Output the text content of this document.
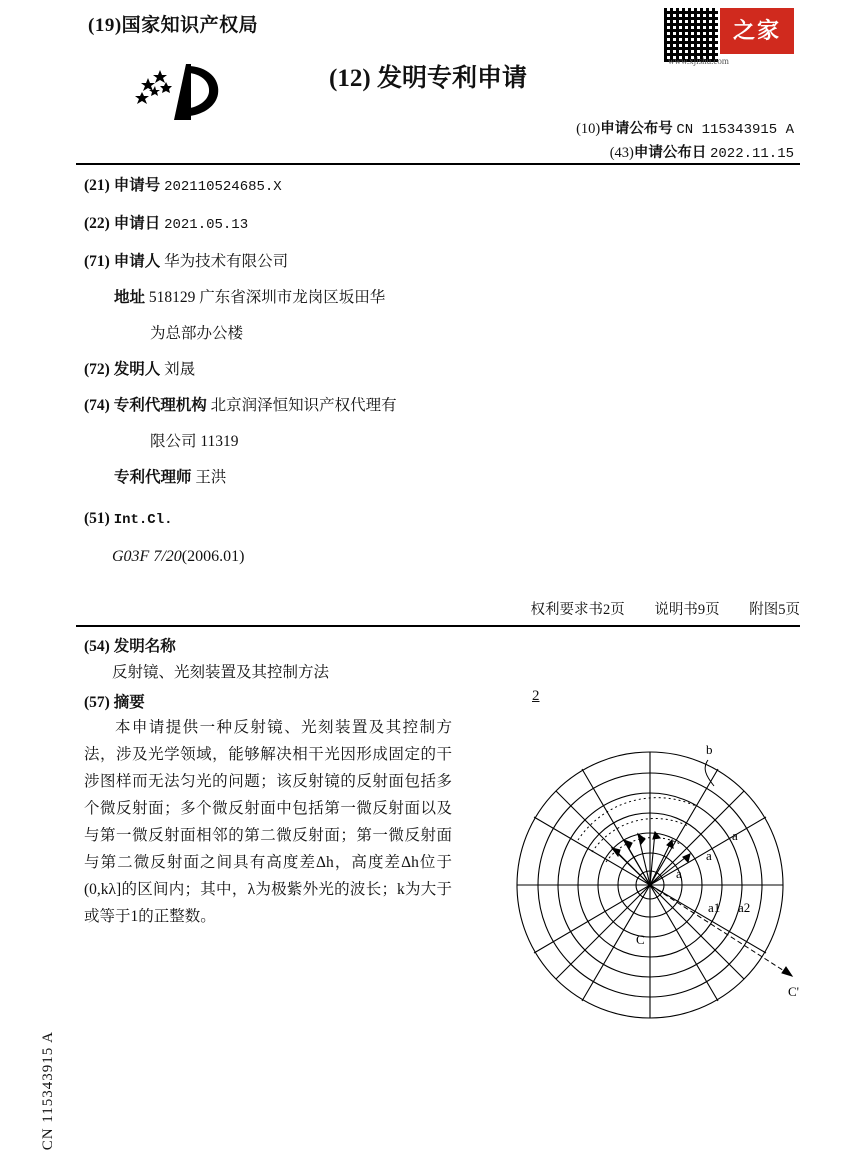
(19)国家知识产权局	之家
www.xjishu.com
(12) 发明专利申请
(10)申请公布号 CN 115343915 A
(43)申请公布日 2022.11.15
(21) 申请号 202110524685.X
(22) 申请日 2021.05.13
(71) 申请人 华为技术有限公司
地址 518129 广东省深圳市龙岗区坂田华
为总部办公楼
(72) 发明人 刘晟
(74) 专利代理机构 北京润泽恒知识产权代理有
限公司 11319
专利代理师 王洪
(51) Int.Cl.
G03F 7/20(2006.01)
权利要求书2页 说明书9页 附图5页
(54) 发明名称
反射镜、光刻装置及其控制方法
(57) 摘要

本申请提供一种反射镜、光刻装置及其控制方法，涉及光学领域，能够解决相干光因形成固定的干涉图样而无法匀光的问题；该反射镜的反射面包括多个微反射面；多个微反射面中包括第一微反射面以及与第一微反射面相邻的第二微反射面；第一微反射面与第二微反射面之间具有高度差Δh，高度差Δh位于(0,kλ]的区间内；其中，λ为极紫外光的波长；k为大于或等于1的正整数。

2
b
a
a
a
C
a1 a2
C'
CN 115343915 A
